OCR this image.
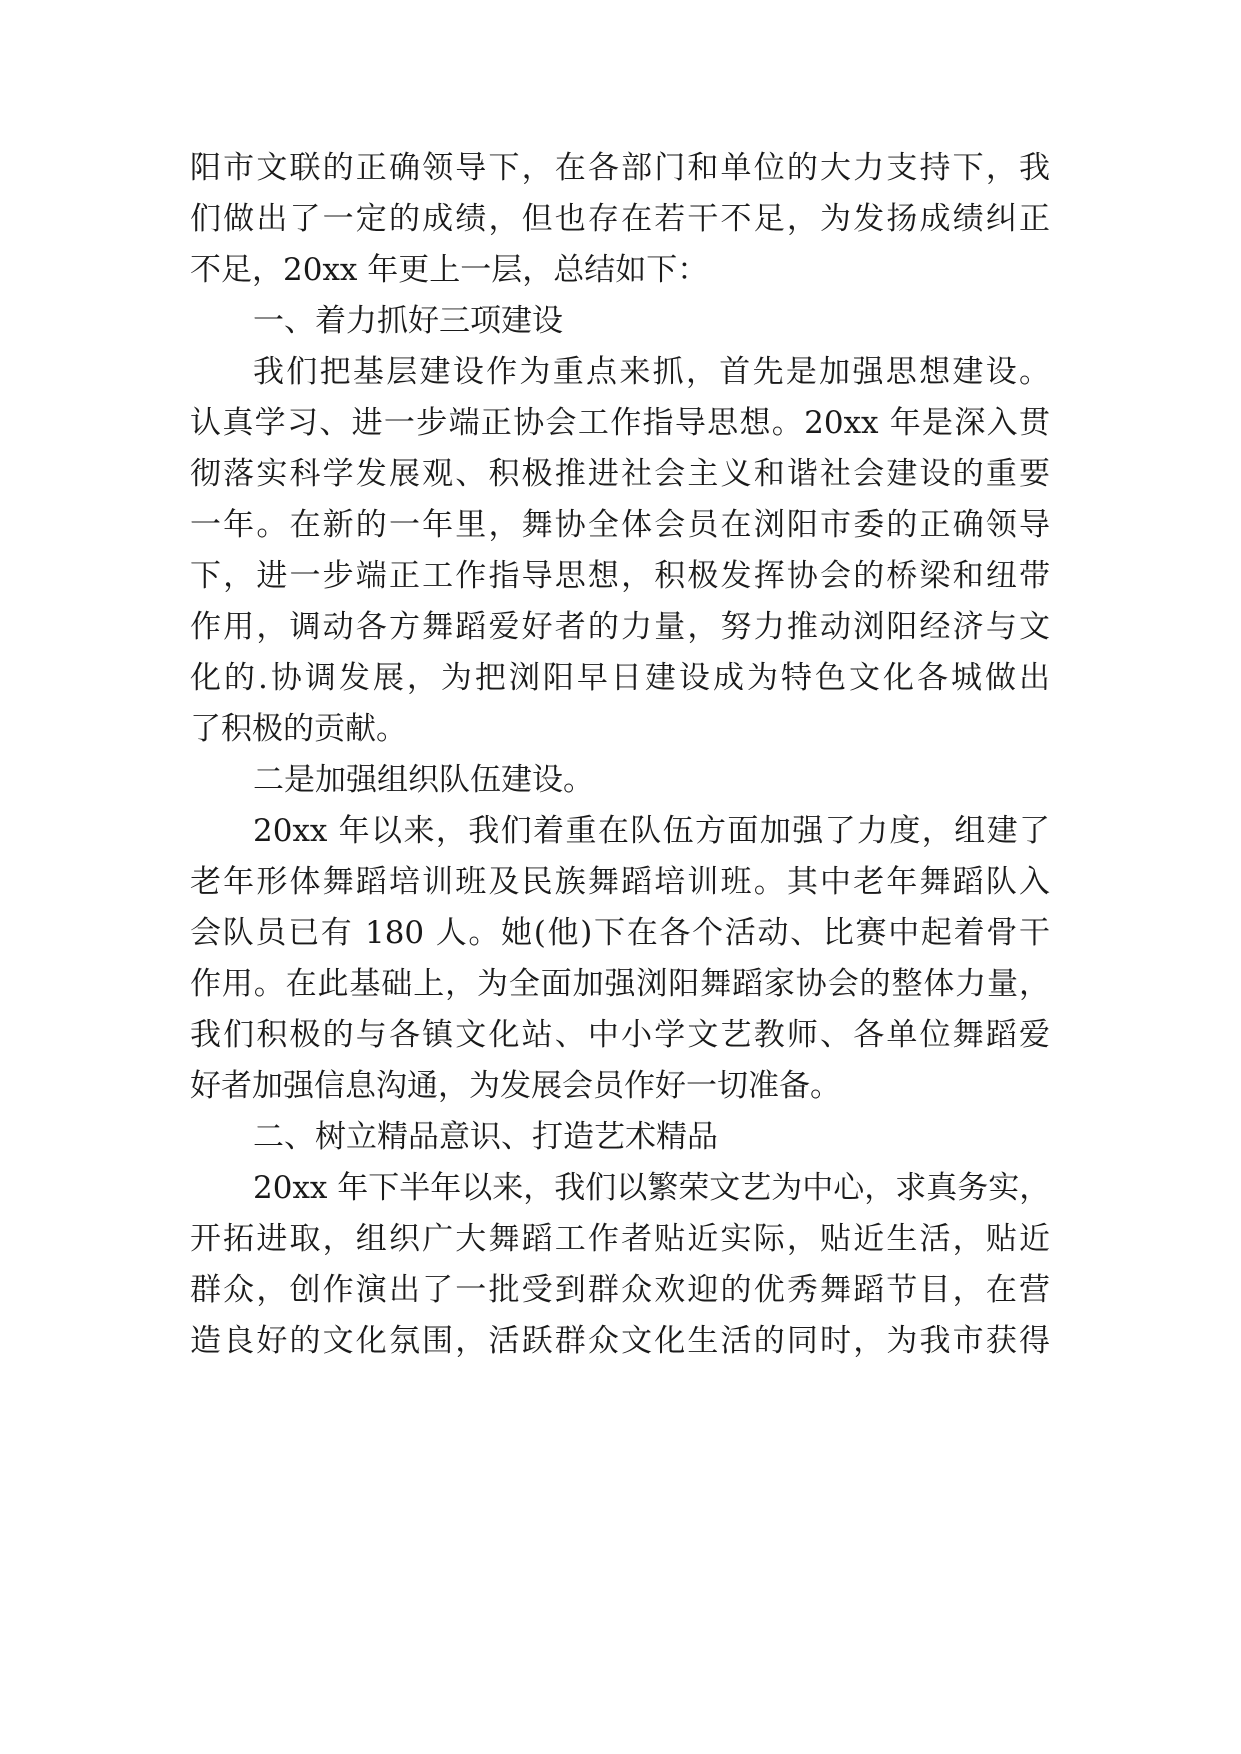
阳市文联的正确领导下，在各部门和单位的大力支持下，我
们做出了一定的成绩，但也存在若干不足，为发扬成绩纠正
不足，20xx 年更上一层，总结如下：
一、着力抓好三项建设
我们把基层建设作为重点来抓，首先是加强思想建设。
认真学习、进一步端正协会工作指导思想。20xx 年是深入贯
彻落实科学发展观、积极推进社会主义和谐社会建设的重要
一年。在新的一年里，舞协全体会员在浏阳市委的正确领导
下，进一步端正工作指导思想，积极发挥协会的桥梁和纽带
作用，调动各方舞蹈爱好者的力量，努力推动浏阳经济与文
化的.协调发展，为把浏阳早日建设成为特色文化各城做出
了积极的贡献。
二是加强组织队伍建设。
20xx 年以来，我们着重在队伍方面加强了力度，组建了
老年形体舞蹈培训班及民族舞蹈培训班。其中老年舞蹈队入
会队员已有 180 人。她(他)下在各个活动、比赛中起着骨干
作用。在此基础上，为全面加强浏阳舞蹈家协会的整体力量，
我们积极的与各镇文化站、中小学文艺教师、各单位舞蹈爱
好者加强信息沟通，为发展会员作好一切准备。
二、树立精品意识、打造艺术精品
20xx 年下半年以来，我们以繁荣文艺为中心，求真务实，
开拓进取，组织广大舞蹈工作者贴近实际，贴近生活，贴近
群众，创作演出了一批受到群众欢迎的优秀舞蹈节目，在营
造良好的文化氛围，活跃群众文化生活的同时，为我市获得
